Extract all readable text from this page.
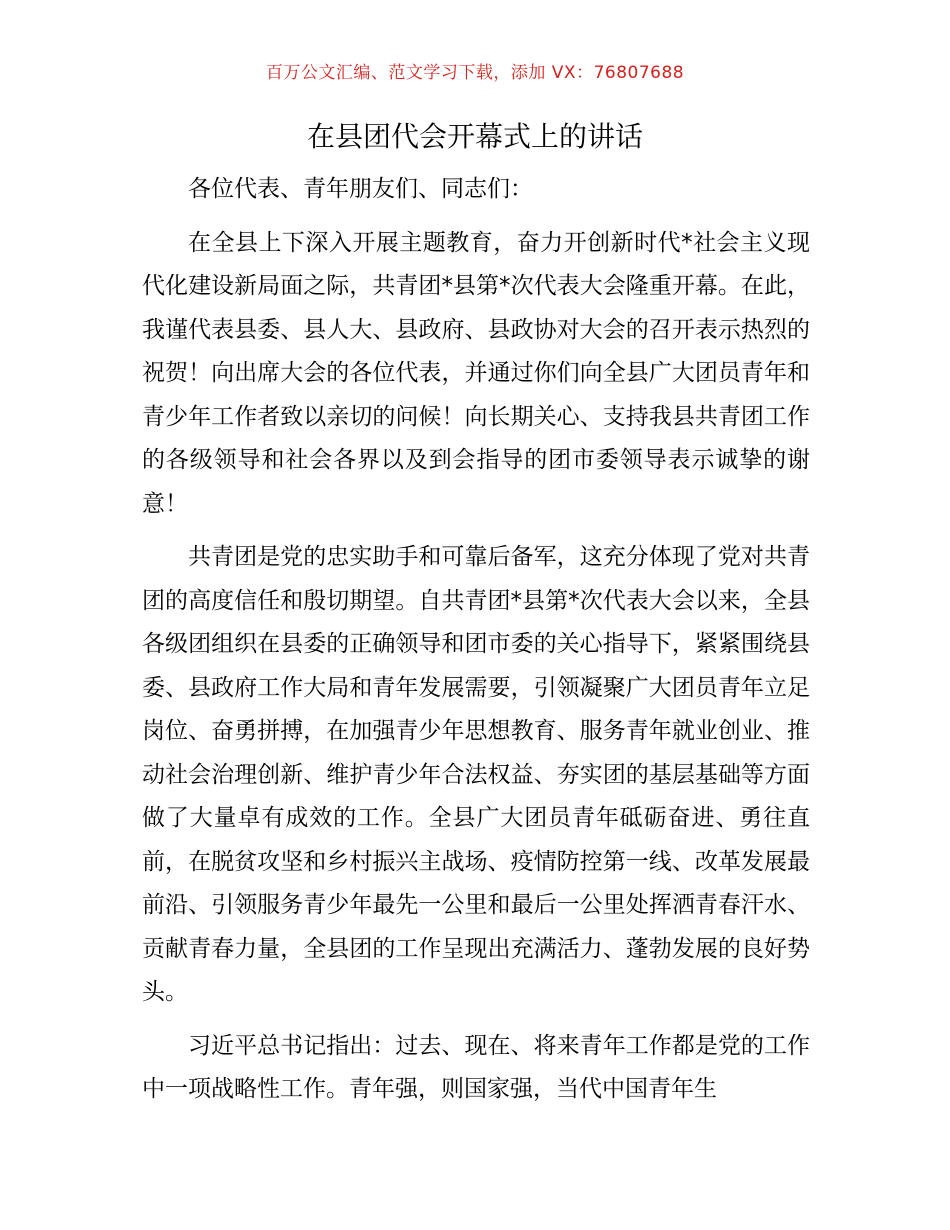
百万公文汇编、范文学习下载，添加 VX：76807688
在县团代会开幕式上的讲话

各位代表、青年朋友们、同志们：

在全县上下深入开展主题教育，奋力开创新时代*社会主义现代化建设新局面之际，共青团*县第*次代表大会隆重开幕。在此，我谨代表县委、县人大、县政府、县政协对大会的召开表示热烈的祝贺！向出席大会的各位代表，并通过你们向全县广大团员青年和青少年工作者致以亲切的问候！向长期关心、支持我县共青团工作的各级领导和社会各界以及到会指导的团市委领导表示诚挚的谢意！

共青团是党的忠实助手和可靠后备军，这充分体现了党对共青团的高度信任和殷切期望。自共青团*县第*次代表大会以来，全县各级团组织在县委的正确领导和团市委的关心指导下，紧紧围绕县委、县政府工作大局和青年发展需要，引领凝聚广大团员青年立足岗位、奋勇拼搏，在加强青少年思想教育、服务青年就业创业、推动社会治理创新、维护青少年合法权益、夯实团的基层基础等方面做了大量卓有成效的工作。全县广大团员青年砥砺奋进、勇往直前，在脱贫攻坚和乡村振兴主战场、疫情防控第一线、改革发展最前沿、引领服务青少年最先一公里和最后一公里处挥洒青春汗水、贡献青春力量，全县团的工作呈现出充满活力、蓬勃发展的良好势头。

习近平总书记指出：过去、现在、将来青年工作都是党的工作中一项战略性工作。青年强，则国家强，当代中国青年生
